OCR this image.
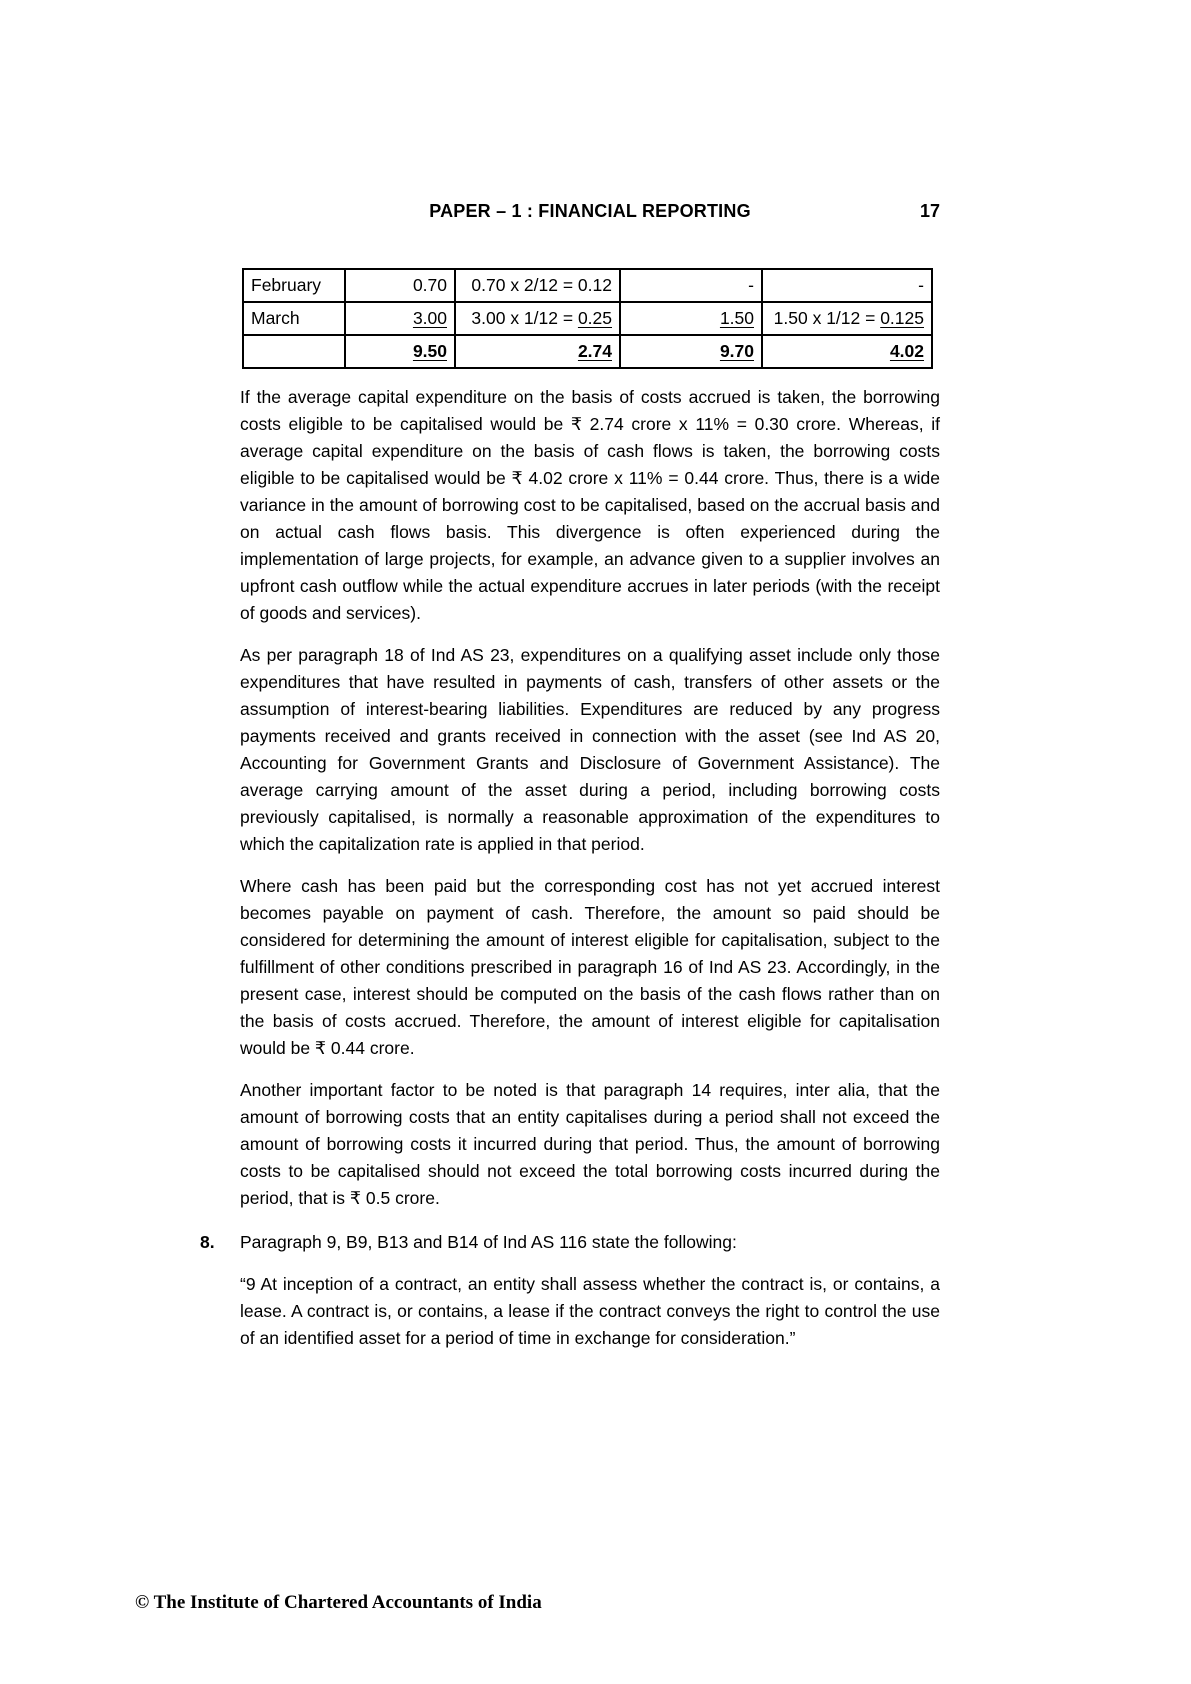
PAPER – 1 : FINANCIAL REPORTING	17
February	0.70	0.70 x 2/12 = 0.12	-	-
March	3.00	3.00 x 1/12 = 0.25	1.50	1.50 x 1/12 = 0.125
	9.50	2.74	9.70	4.02

If the average capital expenditure on the basis of costs accrued is taken, the borrowing costs eligible to be capitalised would be ₹ 2.74 crore x 11% = 0.30 crore. Whereas, if average capital expenditure on the basis of cash flows is taken, the borrowing costs eligible to be capitalised would be ₹ 4.02 crore x 11% = 0.44 crore. Thus, there is a wide variance in the amount of borrowing cost to be capitalised, based on the accrual basis and on actual cash flows basis. This divergence is often experienced during the implementation of large projects, for example, an advance given to a supplier involves an upfront cash outflow while the actual expenditure accrues in later periods (with the receipt of goods and services).

As per paragraph 18 of Ind AS 23, expenditures on a qualifying asset include only those expenditures that have resulted in payments of cash, transfers of other assets or the assumption of interest-bearing liabilities. Expenditures are reduced by any progress payments received and grants received in connection with the asset (see Ind AS 20, Accounting for Government Grants and Disclosure of Government Assistance). The average carrying amount of the asset during a period, including borrowing costs previously capitalised, is normally a reasonable approximation of the expenditures to which the capitalization rate is applied in that period.

Where cash has been paid but the corresponding cost has not yet accrued interest becomes payable on payment of cash. Therefore, the amount so paid should be considered for determining the amount of interest eligible for capitalisation, subject to the fulfillment of other conditions prescribed in paragraph 16 of Ind AS 23. Accordingly, in the present case, interest should be computed on the basis of the cash flows rather than on the basis of costs accrued. Therefore, the amount of interest eligible for capitalisation would be ₹ 0.44 crore.

Another important factor to be noted is that paragraph 14 requires, inter alia, that the amount of borrowing costs that an entity capitalises during a period shall not exceed the amount of borrowing costs it incurred during that period. Thus, the amount of borrowing costs to be capitalised should not exceed the total borrowing costs incurred during the period, that is ₹ 0.5 crore.

8.	Paragraph 9, B9, B13 and B14 of Ind AS 116 state the following:

“9 At inception of a contract, an entity shall assess whether the contract is, or contains, a lease. A contract is, or contains, a lease if the contract conveys the right to control the use of an identified asset for a period of time in exchange for consideration.”

© The Institute of Chartered Accountants of India
